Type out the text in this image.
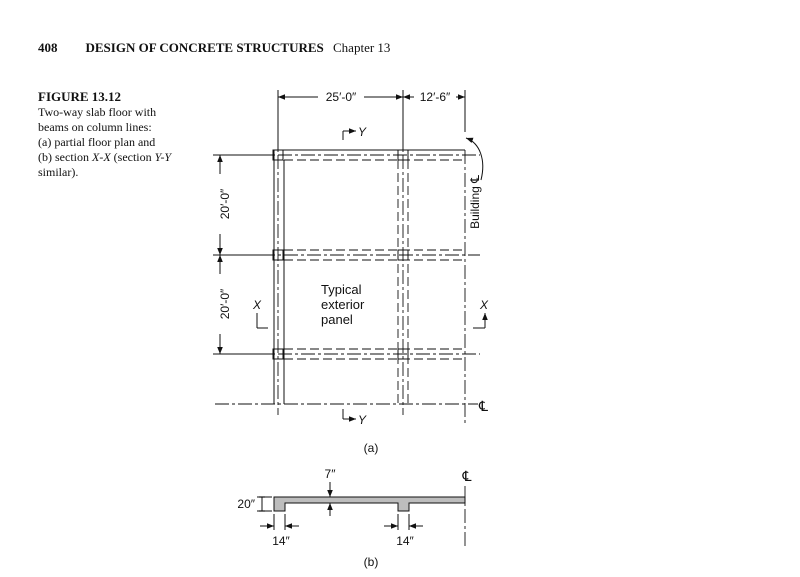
408 DESIGN OF CONCRETE STRUCTURES Chapter 13
FIGURE 13.12
Two-way slab floor with
beams on column lines:
(a) partial floor plan and
(b) section X-X (section Y-Y
similar).
25′-0″	12′-6″
20′-0″
20′-0″
Y
Y
X	X
Building ℄
℄
Typical
exterior
panel
(a)
7″
20″
14″	14″
℄
(b)
